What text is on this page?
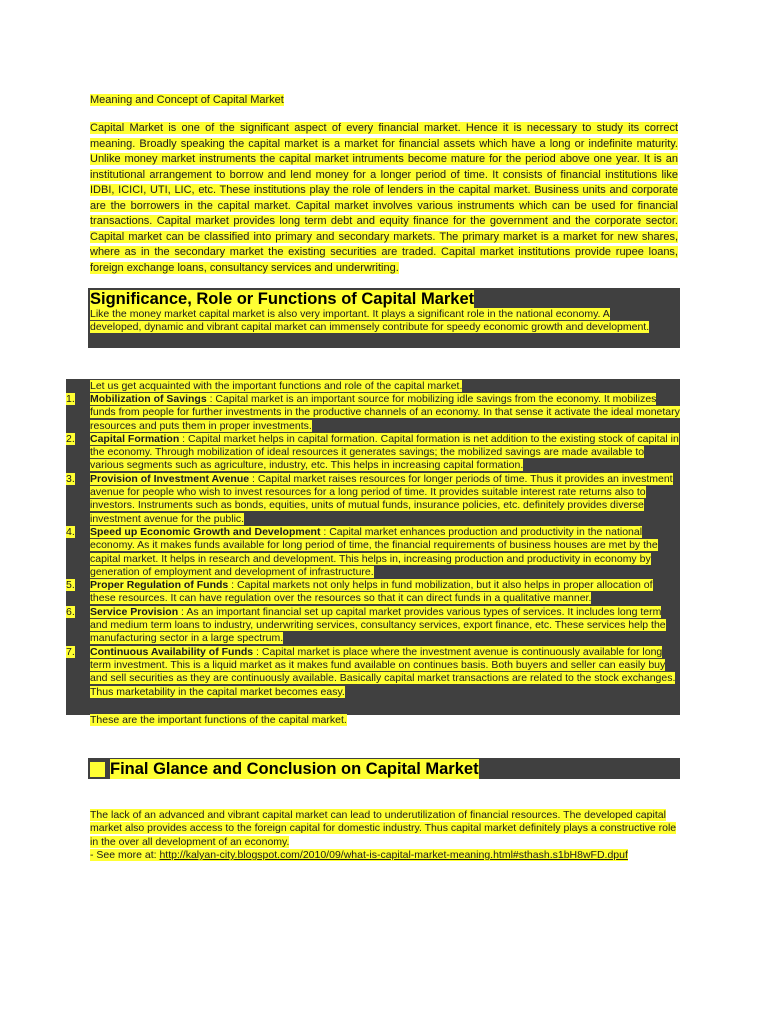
Meaning and Concept of Capital Market
Capital Market is one of the significant aspect of every financial market. Hence it is necessary to study its correct meaning. Broadly speaking the capital market is a market for financial assets which have a long or indefinite maturity. Unlike money market instruments the capital market intruments become mature for the period above one year. It is an institutional arrangement to borrow and lend money for a longer period of time. It consists of financial institutions like IDBI, ICICI, UTI, LIC, etc. These institutions play the role of lenders in the capital market. Business units and corporate are the borrowers in the capital market. Capital market involves various instruments which can be used for financial transactions. Capital market provides long term debt and equity finance for the government and the corporate sector. Capital market can be classified into primary and secondary markets. The primary market is a market for new shares, where as in the secondary market the existing securities are traded. Capital market institutions provide rupee loans, foreign exchange loans, consultancy services and underwriting.
Significance, Role or Functions of Capital Market
Like the money market capital market is also very important. It plays a significant role in the national economy. A developed, dynamic and vibrant capital market can immensely contribute for speedy economic growth and development.
Let us get acquainted with the important functions and role of the capital market.
1.	Mobilization of Savings : Capital market is an important source for mobilizing idle savings from the economy. It mobilizes funds from people for further investments in the productive channels of an economy. In that sense it activate the ideal monetary resources and puts them in proper investments.
2.	Capital Formation : Capital market helps in capital formation. Capital formation is net addition to the existing stock of capital in the economy. Through mobilization of ideal resources it generates savings; the mobilized savings are made available to various segments such as agriculture, industry, etc. This helps in increasing capital formation.
3.	Provision of Investment Avenue : Capital market raises resources for longer periods of time. Thus it provides an investment avenue for people who wish to invest resources for a long period of time. It provides suitable interest rate returns also to investors. Instruments such as bonds, equities, units of mutual funds, insurance policies, etc. definitely provides diverse investment avenue for the public.
4.	Speed up Economic Growth and Development : Capital market enhances production and productivity in the national economy. As it makes funds available for long period of time, the financial requirements of business houses are met by the capital market. It helps in research and development. This helps in, increasing production and productivity in economy by generation of employment and development of infrastructure.
5.	Proper Regulation of Funds : Capital markets not only helps in fund mobilization, but it also helps in proper allocation of these resources. It can have regulation over the resources so that it can direct funds in a qualitative manner.
6.	Service Provision : As an important financial set up capital market provides various types of services. It includes long term and medium term loans to industry, underwriting services, consultancy services, export finance, etc. These services help the manufacturing sector in a large spectrum.
7.	Continuous Availability of Funds : Capital market is place where the investment avenue is continuously available for long term investment. This is a liquid market as it makes fund available on continues basis. Both buyers and seller can easily buy and sell securities as they are continuously available. Basically capital market transactions are related to the stock exchanges. Thus marketability in the capital market becomes easy.
These are the important functions of the capital market.
Final Glance and Conclusion on Capital Market
The lack of an advanced and vibrant capital market can lead to underutilization of financial resources. The developed capital market also provides access to the foreign capital for domestic industry. Thus capital market definitely plays a constructive role in the over all development of an economy.
- See more at: http://kalyan-city.blogspot.com/2010/09/what-is-capital-market-meaning.html#sthash.s1bH8wFD.dpuf
